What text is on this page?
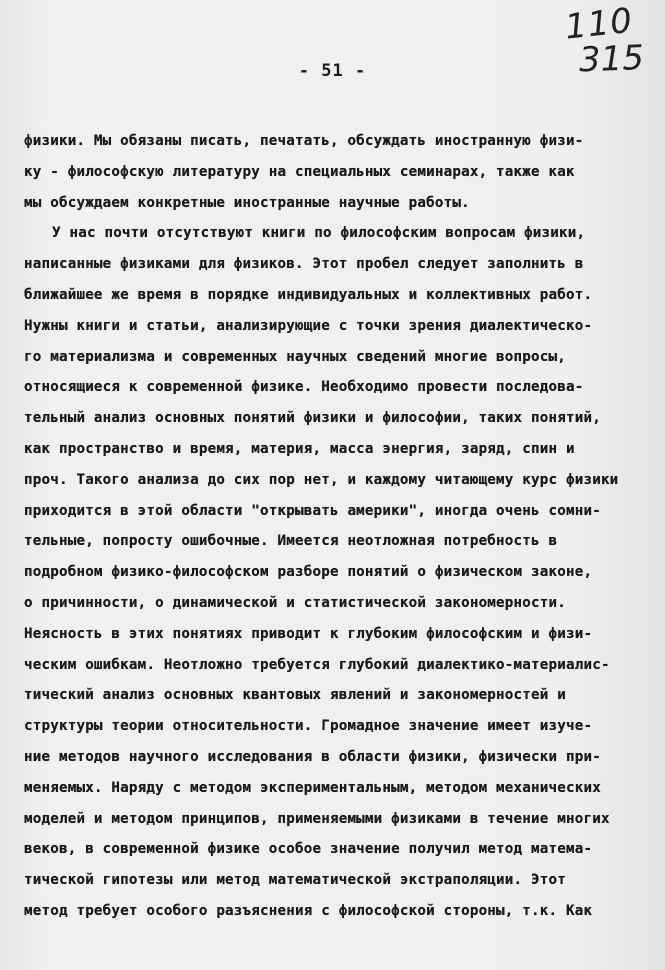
110
315
- 51 -
физики. Мы обязаны писать, печатать, обсуждать иностранную физи-
ку - философскую литературу на специальных семинарах, также как
мы обсуждаем конкретные иностранные научные работы.
У нас почти отсутствуют книги по философским вопросам физики,
написанные физиками для физиков. Этот пробел следует заполнить в
ближайшее же время в порядке индивидуальных и коллективных работ.
Нужны книги и статьи, анализирующие с точки зрения диалектическо-
го материализма и современных научных сведений многие вопросы,
относящиеся к современной физике. Необходимо провести последова-
тельный анализ основных понятий физики и философии, таких понятий,
как пространство и время, материя, масса энергия, заряд, спин и
проч. Такого анализа до сих пор нет, и каждому читающему курс физики
приходится в этой области "открывать америки", иногда очень сомни-
тельные, попросту ошибочные. Имеется неотложная потребность в
подробном физико-философском разборе понятий о физическом законе,
о причинности, о динамической и статистической закономерности.
Неясность в этих понятиях приводит к глубоким философским и физи-
ческим ошибкам. Неотложно требуется глубокий диалектико-материалис-
тический анализ основных квантовых явлений и закономерностей и
структуры теории относительности. Громадное значение имеет изуче-
ние методов научного исследования в области физики, физически при-
меняемых. Наряду с методом экспериментальным, методом механических
моделей и методом принципов, применяемыми физиками в течение многих
веков, в современной физике особое значение получил метод матема-
тической гипотезы или метод математической экстраполяции. Этот
метод требует особого разъяснения с философской стороны, т.к. Как
